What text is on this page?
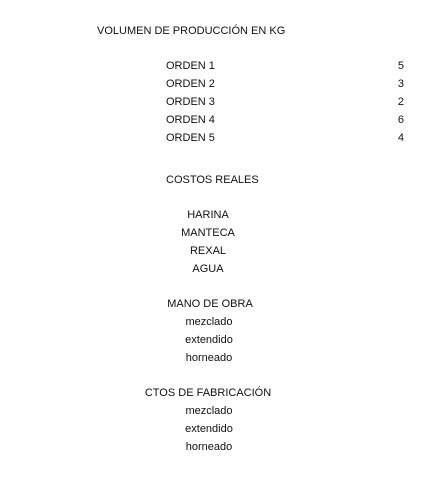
VOLUMEN DE PRODUCCIÓN EN KG
ORDEN 1	5
ORDEN 2	3
ORDEN 3	2
ORDEN 4	6
ORDEN 5	4
COSTOS REALES
HARINA
MANTECA
REXAL
AGUA
MANO DE OBRA
mezclado
extendido
horneado
CTOS DE FABRICACIÓN
mezclado
extendido
horneado
